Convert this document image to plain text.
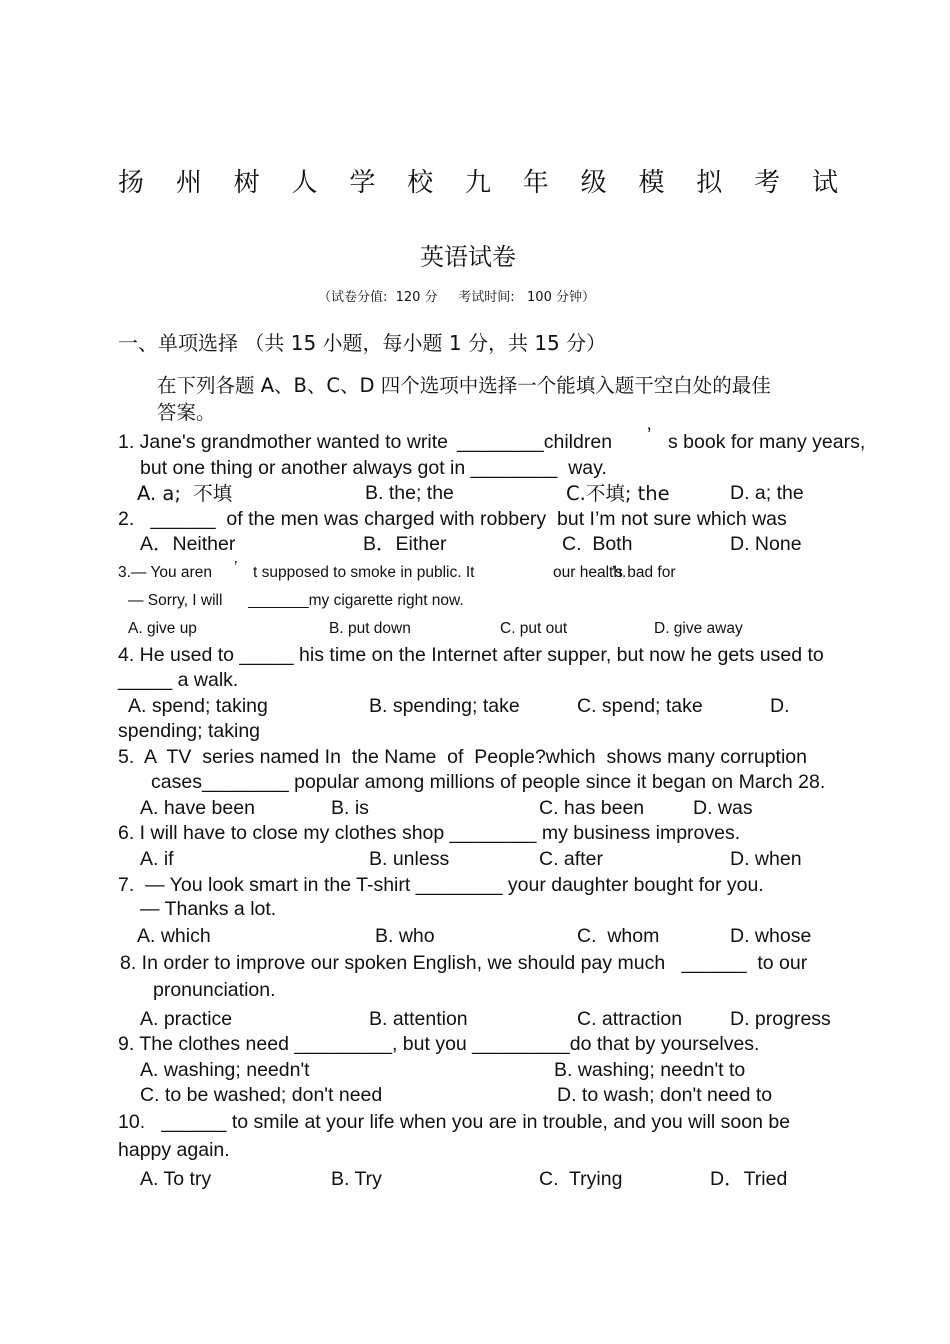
扬 州 树 人 学 校 九 年 级 模 拟 考 试
英语试卷
（试卷分值:  120 分     考试时间:   100 分钟）
一、单项选择 （共 15 小题，每小题 1 分，共 15 分）
在下列各题 A、B、C、D 四个选项中选择一个能填入题干空白处的最佳
答案。
1. Jane's grandmother wanted to write ________children ’ s book for many years,
but one thing or another always got in ________  way.
A. a;  不填	B. the; the	C.不填; the	D. a; the
2.   ______  of the men was charged with robbery  but I’m not sure which was
A．Neither	B．Either	C.  Both	D. None
3.— You aren ’ t supposed to smoke in public. It	our health.
’s bad for
— Sorry, I will      _______my cigarette right now.
A. give up	B. put down	C. put out	D. give away
4. He used to _____ his time on the Internet after supper, but now he gets used to
_____ a walk.
A. spend; taking	B. spending; take	C. spend; take	D.
spending; taking
5.  A  TV  series named In  the Name  of  People?which  shows many corruption
cases________ popular among millions of people since it began on March 28.
A. have been	B. is	C. has been	D. was
6. I will have to close my clothes shop ________ my business improves.
A. if	B. unless	C. after	D. when
7.  — You look smart in the T-shirt ________ your daughter bought for you.
— Thanks a lot.
A. which	B. who	C.  whom	D. whose
8. In order to improve our spoken English, we should pay much   ______  to our
pronunciation.
A. practice	B. attention	C. attraction D. progress
9. The clothes need _________, but you _________do that by yourselves.
A. washing; needn't	B. washing; needn't to
C. to be washed; don't need	D. to wash; don't need to
10.   ______ to smile at your life when you are in trouble, and you will soon be
happy again.
A. To try	B. Try	C.  Trying	D．Tried
